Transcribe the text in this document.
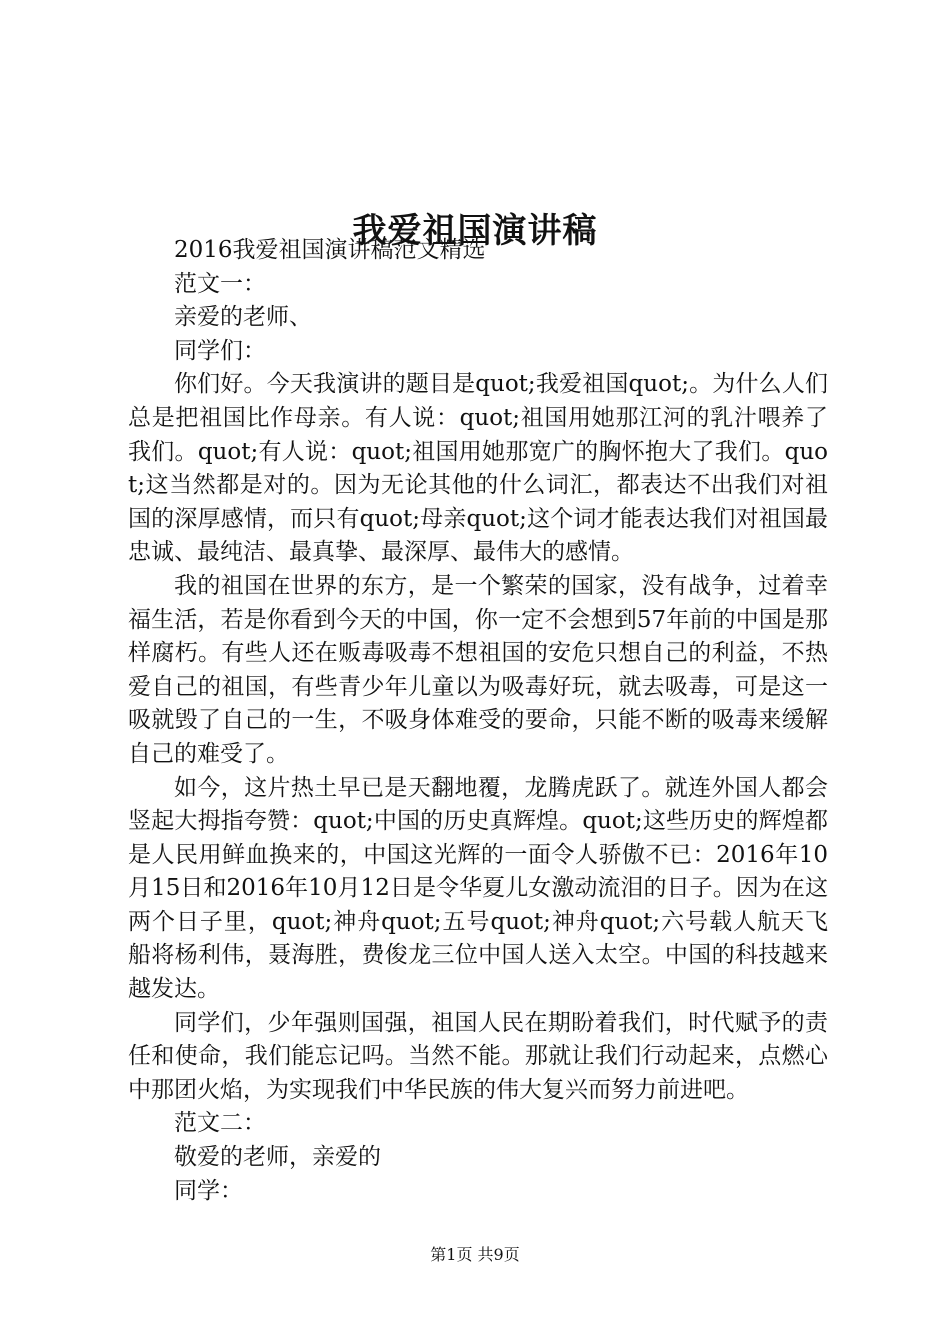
我爱祖国演讲稿

2016我爱祖国演讲稿范文精选

范文一：

亲爱的老师、

同学们：

你们好。今天我演讲的题目是quot;我爱祖国quot;。为什么人们总是把祖国比作母亲。有人说：quot;祖国用她那江河的乳汁喂养了我们。quot;有人说：quot;祖国用她那宽广的胸怀抱大了我们。quot;这当然都是对的。因为无论其他的什么词汇，都表达不出我们对祖国的深厚感情，而只有quot;母亲quot;这个词才能表达我们对祖国最忠诚、最纯洁、最真挚、最深厚、最伟大的感情。

我的祖国在世界的东方，是一个繁荣的国家，没有战争，过着幸福生活，若是你看到今天的中国，你一定不会想到57年前的中国是那样腐朽。有些人还在贩毒吸毒不想祖国的安危只想自己的利益，不热爱自己的祖国，有些青少年儿童以为吸毒好玩，就去吸毒，可是这一吸就毁了自己的一生，不吸身体难受的要命，只能不断的吸毒来缓解自己的难受了。

如今，这片热土早已是天翻地覆，龙腾虎跃了。就连外国人都会竖起大拇指夸赞：quot;中国的历史真辉煌。quot;这些历史的辉煌都是人民用鲜血换来的，中国这光辉的一面令人骄傲不已：2016年10月15日和2016年10月12日是令华夏儿女激动流泪的日子。因为在这两个日子里，quot;神舟quot;五号quot;神舟quot;六号载人航天飞船将杨利伟，聂海胜，费俊龙三位中国人送入太空。中国的科技越来越发达。

同学们，少年强则国强，祖国人民在期盼着我们，时代赋予的责任和使命，我们能忘记吗。当然不能。那就让我们行动起来，点燃心中那团火焰，为实现我们中华民族的伟大复兴而努力前进吧。

范文二：

敬爱的老师，亲爱的

同学：

第1页 共9页
